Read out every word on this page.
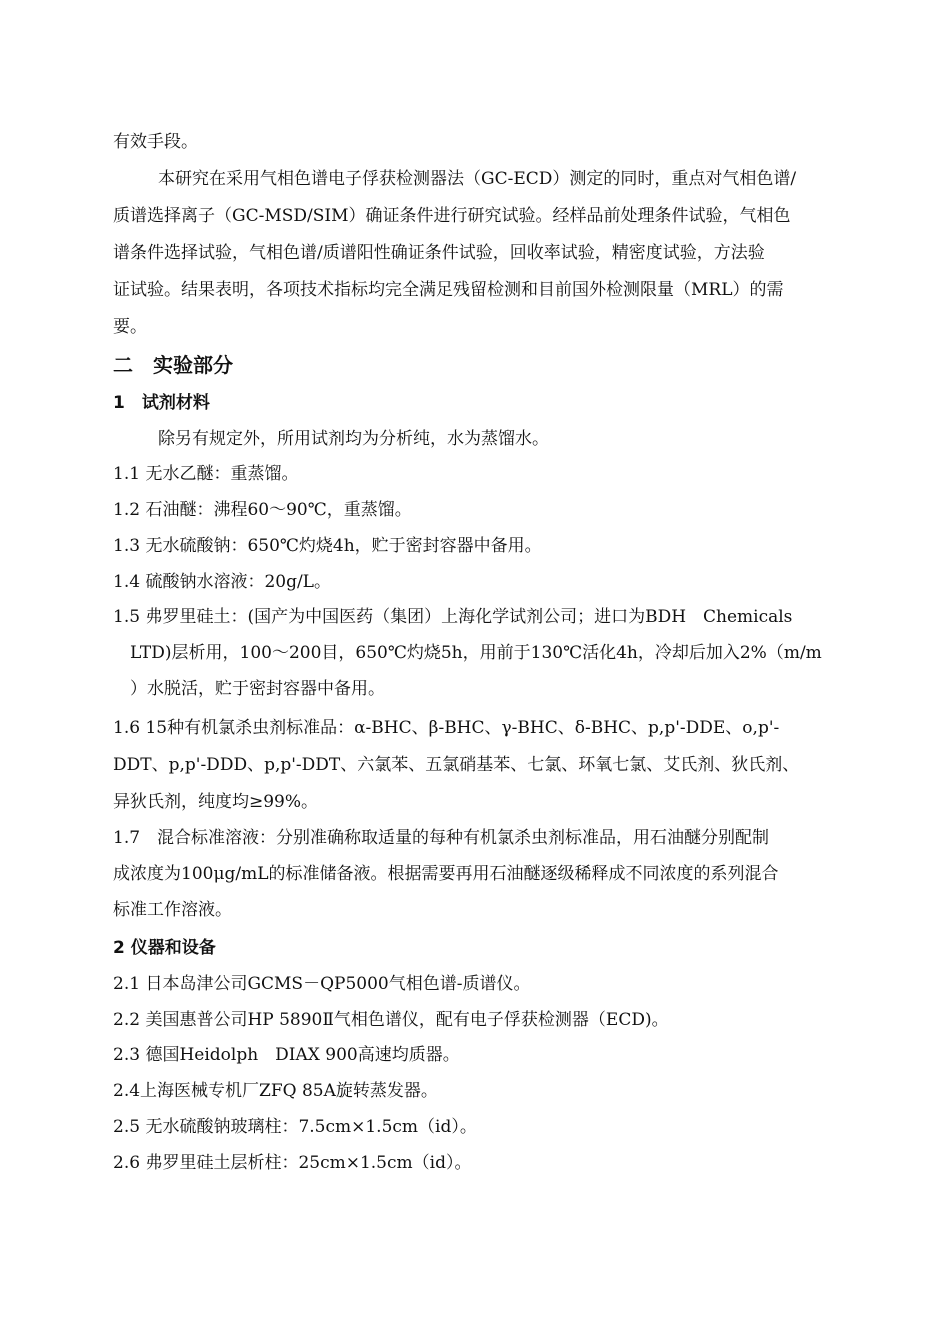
有效手段。
本研究在采用气相色谱电子俘获检测器法（GC-ECD）测定的同时，重点对气相色谱/
质谱选择离子（GC-MSD/SIM）确证条件进行研究试验。经样品前处理条件试验，气相色
谱条件选择试验，气相色谱/质谱阳性确证条件试验，回收率试验，精密度试验，方法验
证试验。结果表明，各项技术指标均完全满足残留检测和目前国外检测限量（MRL）的需
要。
二　实验部分
1　试剂材料
除另有规定外，所用试剂均为分析纯，水为蒸馏水。
1.1 无水乙醚：重蒸馏。
1.2 石油醚：沸程60～90℃，重蒸馏。
1.3 无水硫酸钠：650℃灼烧4h，贮于密封容器中备用。
1.4 硫酸钠水溶液：20g/L。
1.5 弗罗里硅土：(国产为中国医药（集团）上海化学试剂公司；进口为BDH　Chemicals
LTD)层析用，100～200目，650℃灼烧5h，用前于130℃活化4h，冷却后加入2%（m/m
）水脱活，贮于密封容器中备用。
1.6 15种有机氯杀虫剂标准品：α-BHC、β-BHC、γ-BHC、δ-BHC、p,p'-DDE、o,p'-
DDT、p,p'-DDD、p,p'-DDT、六氯苯、五氯硝基苯、七氯、环氧七氯、艾氏剂、狄氏剂、
异狄氏剂，纯度均≥99%。
1.7　混合标准溶液：分别准确称取适量的每种有机氯杀虫剂标准品，用石油醚分别配制
成浓度为100μg/mL的标准储备液。根据需要再用石油醚逐级稀释成不同浓度的系列混合
标准工作溶液。
2 仪器和设备
2.1 日本岛津公司GCMS－QP5000气相色谱-质谱仪。
2.2 美国惠普公司HP 5890Ⅱ气相色谱仪，配有电子俘获检测器（ECD)。
2.3 德国Heidolph　DIAX 900高速均质器。
2.4上海医械专机厂ZFQ 85A旋转蒸发器。
2.5 无水硫酸钠玻璃柱：7.5cm×1.5cm（id）。
2.6 弗罗里硅土层析柱：25cm×1.5cm（id）。
